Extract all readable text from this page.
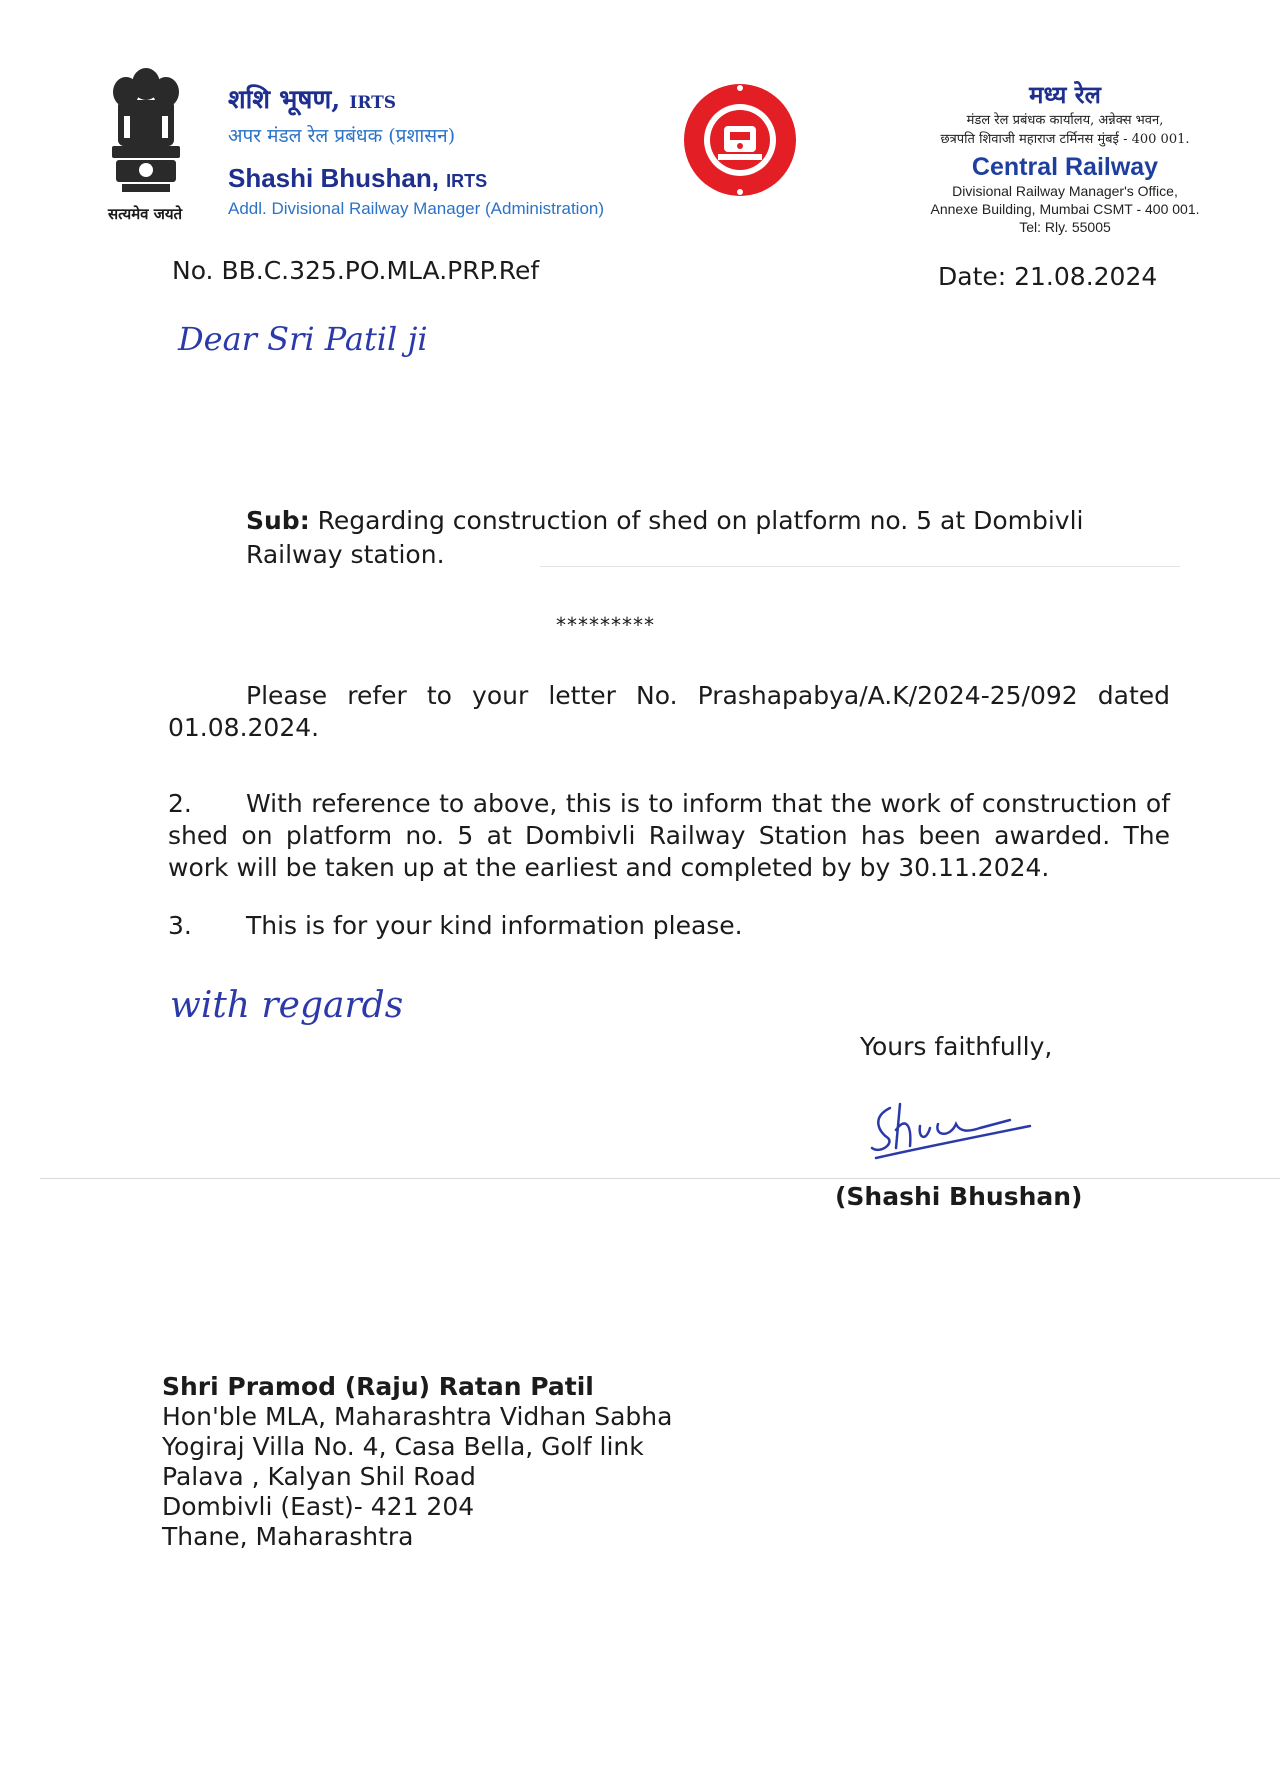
सत्यमेव जयते
शशि भूषण, IRTS
अपर मंडल रेल प्रबंधक (प्रशासन)
Shashi Bhushan, IRTS
Addl. Divisional Railway Manager (Administration)
मध्य रेल
मंडल रेल प्रबंधक कार्यालय, अन्नेक्स भवन,
छत्रपति शिवाजी महाराज टर्मिनस मुंबई - 400 001.
Central Railway
Divisional Railway Manager's Office,
Annexe Building, Mumbai CSMT - 400 001.
Tel: Rly. 55005
No. BB.C.325.PO.MLA.PRP.Ref	Date: 21.08.2024
Dear Sri Patil ji
Sub: Regarding construction of shed on platform no. 5 at Dombivli Railway station.
*********
Please refer to your letter No. Prashapabya/A.K/2024-25/092 dated 01.08.2024.
2. With reference to above, this is to inform that the work of construction of shed on platform no. 5 at Dombivli Railway Station has been awarded. The work will be taken up at the earliest and completed by by 30.11.2024.
3. This is for your kind information please.
with regards
Yours faithfully,
(Shashi Bhushan)
Shri Pramod (Raju) Ratan Patil
Hon'ble MLA, Maharashtra Vidhan Sabha
Yogiraj Villa No. 4, Casa Bella, Golf link
Palava , Kalyan Shil Road
Dombivli (East)- 421 204
Thane, Maharashtra
